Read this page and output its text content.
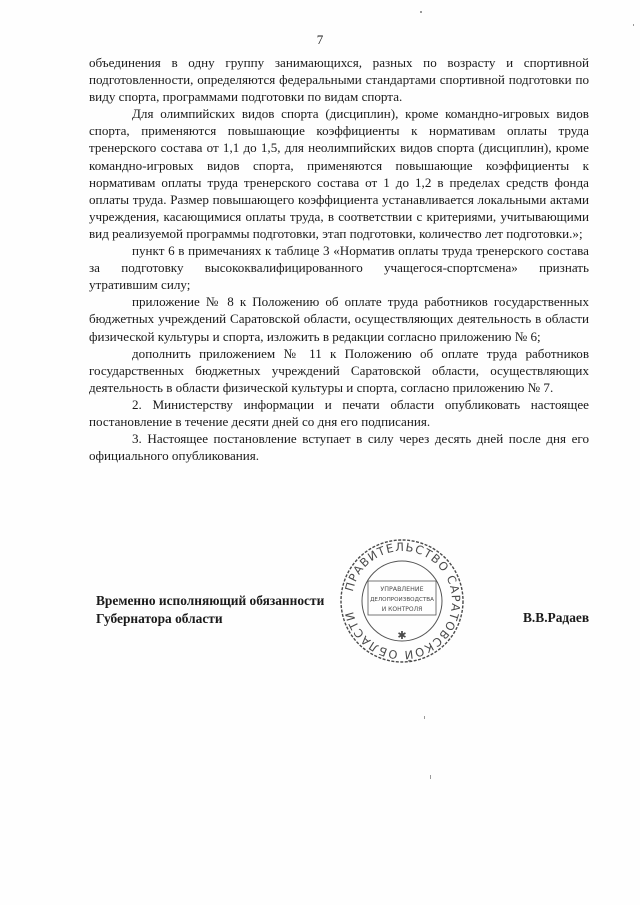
7

объединения в одну группу занимающихся, разных по возрасту и спортивной подготовленности, определяются федеральными стандартами спортивной подготовки по виду спорта, программами подготовки по видам спорта.

Для олимпийских видов спорта (дисциплин), кроме командно-игровых видов спорта, применяются повышающие коэффициенты к нормативам оплаты труда тренерского состава от 1,1 до 1,5, для неолимпийских видов спорта (дисциплин), кроме командно-игровых видов спорта, применяются повышающие коэффициенты к нормативам оплаты труда тренерского состава от 1 до 1,2 в пределах средств фонда оплаты труда. Размер повышающего коэффициента устанавливается локальными актами учреждения, касающимися оплаты труда, в соответствии с критериями, учитывающими вид реализуемой программы подготовки, этап подготовки, количество лет подготовки.»;

пункт 6 в примечаниях к таблице 3 «Норматив оплаты труда тренерского состава за подготовку высококвалифицированного учащегося-спортсмена» признать утратившим силу;

приложение № 8 к Положению об оплате труда работников государственных бюджетных учреждений Саратовской области, осуществляющих деятельность в области физической культуры и спорта, изложить в редакции согласно приложению № 6;

дополнить приложением № 11 к Положению об оплате труда работников государственных бюджетных учреждений Саратовской области, осуществляющих деятельность в области физической культуры и спорта, согласно приложению № 7.

2. Министерству информации и печати области опубликовать настоящее постановление в течение десяти дней со дня его подписания.

3. Настоящее постановление вступает в силу через десять дней после дня его официального опубликования.

Временно исполняющий обязанности
Губернатора области	В.В.Радаев
ПРАВИТЕЛЬСТВО САРАТОВСКОЙ ОБЛАСТИ
УПРАВЛЕНИЕ
ДЕЛОПРОИЗВОДСТВА
И КОНТРОЛЯ
✱
